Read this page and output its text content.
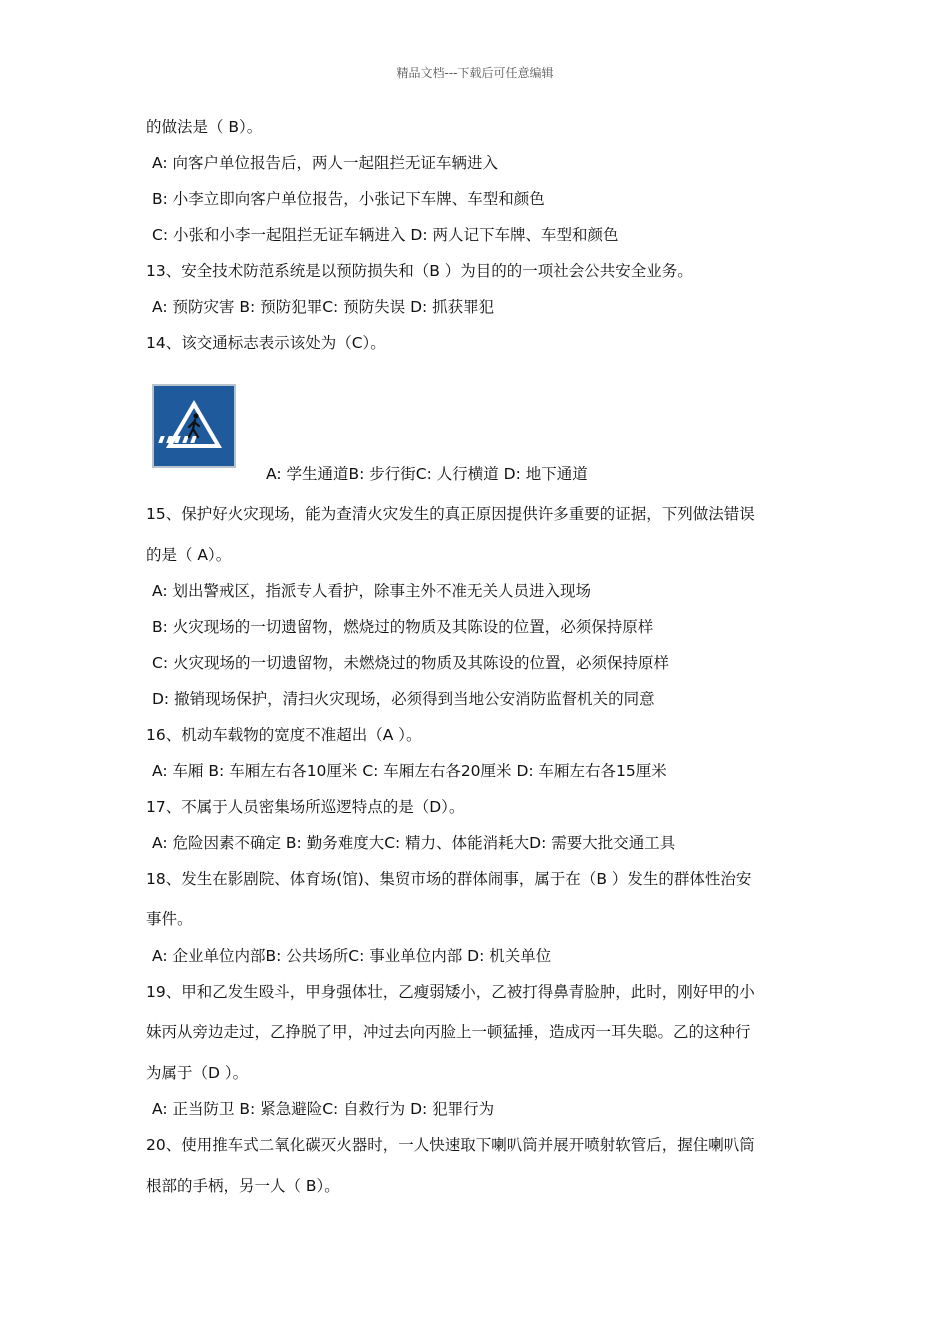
精品文档---下载后可任意编辑
的做法是（ B）。
A: 向客户单位报告后，两人一起阻拦无证车辆进入
B: 小李立即向客户单位报告，小张记下车牌、车型和颜色
C: 小张和小李一起阻拦无证车辆进入 D: 两人记下车牌、车型和颜色
13、安全技术防范系统是以预防损失和（B ）为目的的一项社会公共安全业务。
A: 预防灾害 B: 预防犯罪C: 预防失误 D: 抓获罪犯
14、该交通标志表示该处为（C）。
A: 学生通道B: 步行街C: 人行横道 D: 地下通道
15、保护好火灾现场，能为查清火灾发生的真正原因提供许多重要的证据，下列做法错误
的是（ A）。
A: 划出警戒区，指派专人看护，除事主外不准无关人员进入现场
B: 火灾现场的一切遗留物，燃烧过的物质及其陈设的位置，必须保持原样
C: 火灾现场的一切遗留物，未燃烧过的物质及其陈设的位置，必须保持原样
D: 撤销现场保护，清扫火灾现场，必须得到当地公安消防监督机关的同意
16、机动车载物的宽度不准超出（A ）。
A: 车厢 B: 车厢左右各10厘米 C: 车厢左右各20厘米 D: 车厢左右各15厘米
17、不属于人员密集场所巡逻特点的是（D）。
A: 危险因素不确定 B: 勤务难度大C: 精力、体能消耗大D: 需要大批交通工具
18、发生在影剧院、体育场(馆)、集贸市场的群体闹事，属于在（B ）发生的群体性治安
事件。
A: 企业单位内部B: 公共场所C: 事业单位内部 D: 机关单位
19、甲和乙发生殴斗，甲身强体壮，乙瘦弱矮小，乙被打得鼻青脸肿，此时，刚好甲的小
妹丙从旁边走过，乙挣脱了甲，冲过去向丙脸上一顿猛捶，造成丙一耳失聪。乙的这种行
为属于（D ）。
A: 正当防卫 B: 紧急避险C: 自救行为 D: 犯罪行为
20、使用推车式二氧化碳灭火器时，一人快速取下喇叭筒并展开喷射软管后，握住喇叭筒
根部的手柄，另一人（ B）。
